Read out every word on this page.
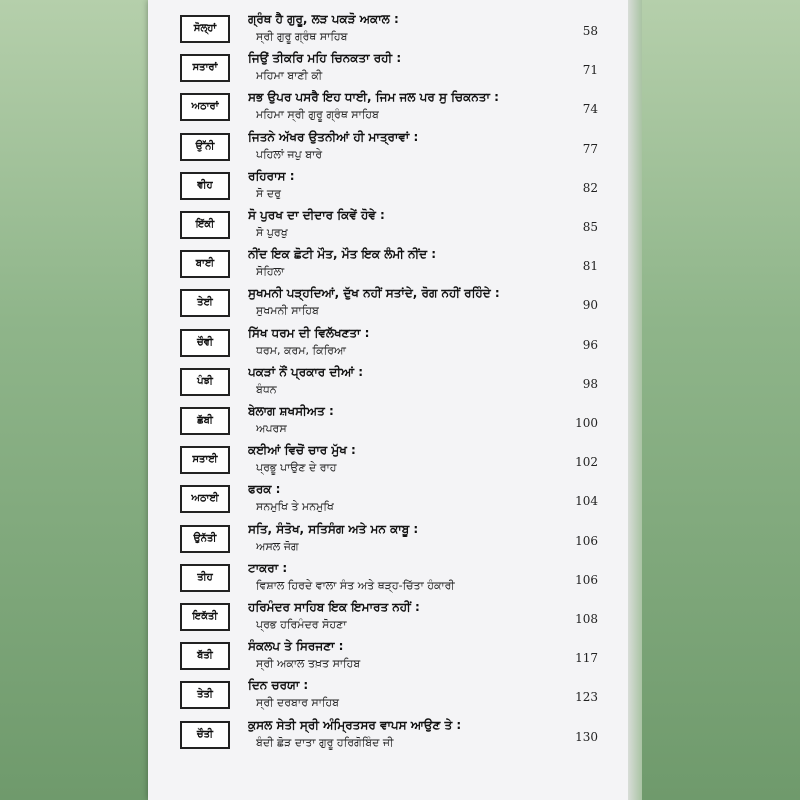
ਸੋਲ੍ਹਾਂ
ਗ੍ਰੰਥ ਹੈ ਗੁਰੂ, ਲੜ ਪਕੜੋ ਅਕਾਲ :
ਸ੍ਰੀ ਗੁਰੂ ਗ੍ਰੰਥ ਸਾਹਿਬ	58
ਸਤਾਰਾਂ
ਜਿਉਂ ਤੀਕਰਿ ਮਹਿ ਚਿਨਕਤਾ ਰਹੀ :
ਮਹਿਮਾ ਬਾਣੀ ਕੀ	71
ਅਠਾਰਾਂ
ਸਭ ਉਪਰ ਪਸਰੈ ਇਹ ਧਾਈ, ਜਿਮ ਜਲ ਪਰ ਸੁ ਚਿਕਨਤਾ :
ਮਹਿਮਾ ਸ੍ਰੀ ਗੁਰੂ ਗ੍ਰੰਥ ਸਾਹਿਬ	74
ਉੱਨੀ
ਜਿਤਨੇ ਅੱਖਰ ਉਤਨੀਆਂ ਹੀ ਮਾਤ੍ਰਾਵਾਂ :
ਪਹਿਲਾਂ ਜਪੁ ਬਾਰੇ	77
ਵੀਹ
ਰਹਿਰਾਸ :
ਸੋ ਦਰੁ	82
ਇੱਕੀ
ਸੋ ਪੁਰਖ ਦਾ ਦੀਦਾਰ ਕਿਵੇਂ ਹੋਵੇ :
ਸੋ ਪੁਰਖੁ	85
ਬਾਈ
ਨੀਂਦ ਇਕ ਛੋਟੀ ਮੌਤ, ਮੌਤ ਇਕ ਲੰਮੀ ਨੀਂਦ :
ਸੋਹਿਲਾ	81
ਤੇਈ
ਸੁਖਮਨੀ ਪੜ੍ਹਦਿਆਂ, ਦੁੱਖ ਨਹੀਂ ਸਤਾਂਦੇ, ਰੋਗ ਨਹੀਂ ਰਹਿੰਦੇ :
ਸੁਖਮਨੀ ਸਾਹਿਬ	90
ਚੌਵੀ
ਸਿੱਖ ਧਰਮ ਦੀ ਵਿਲੱਖਣਤਾ :
ਧਰਮ, ਕਰਮ, ਕਿਰਿਆ	96
ਪੰਝੀ
ਪਕੜਾਂ ਨੌਂ ਪ੍ਰਕਾਰ ਦੀਆਂ :
ਬੰਧਨ	98
ਛੱਬੀ
ਬੇਲਾਗ ਸ਼ਖਸੀਅਤ :
ਅਪਰਸ	100
ਸਤਾਈ
ਕਈਆਂ ਵਿਚੋਂ ਚਾਰ ਮੁੱਖ :
ਪ੍ਰਭੂ ਪਾਉਣ ਦੇ ਰਾਹ	102
ਅਠਾਈ
ਫਰਕ :
ਸਨਮੁਖਿ ਤੇ ਮਨਮੁਖਿ	104
ਉਨੱਤੀ
ਸਤਿ, ਸੰਤੋਖ, ਸਤਿਸੰਗ ਅਤੇ ਮਨ ਕਾਬੂ :
ਅਸਲ ਜੋਗ	106
ਤੀਹ
ਟਾਕਰਾ :
ਵਿਸ਼ਾਲ ਹਿਰਦੇ ਵਾਲਾ ਸੰਤ ਅਤੇ ਥੜ੍ਹ-ਚਿੱਤਾ ਹੰਕਾਰੀ	106
ਇਕੱਤੀ
ਹਰਿਮੰਦਰ ਸਾਹਿਬ ਇਕ ਇਮਾਰਤ ਨਹੀਂ :
ਪ੍ਰਭ ਹਰਿਮੰਦਰ ਸੋਹਣਾ	108
ਬੱਤੀ
ਸੰਕਲਪ ਤੇ ਸਿਰਜਣਾ :
ਸ੍ਰੀ ਅਕਾਲ ਤਖ਼ਤ ਸਾਹਿਬ	117
ਤੇਤੀ
ਦਿਨ ਚਰਯਾ :
ਸ੍ਰੀ ਦਰਬਾਰ ਸਾਹਿਬ	123
ਚੌਤੀ
ਕੁਸਲ ਸੇਤੀ ਸ੍ਰੀ ਅੰਮ੍ਰਿਤਸਰ ਵਾਪਸ ਆਉਣ ਤੇ :
ਬੰਦੀ ਛੋੜ ਦਾਤਾ ਗੁਰੂ ਹਰਿਗੋਬਿੰਦ ਜੀ	130
